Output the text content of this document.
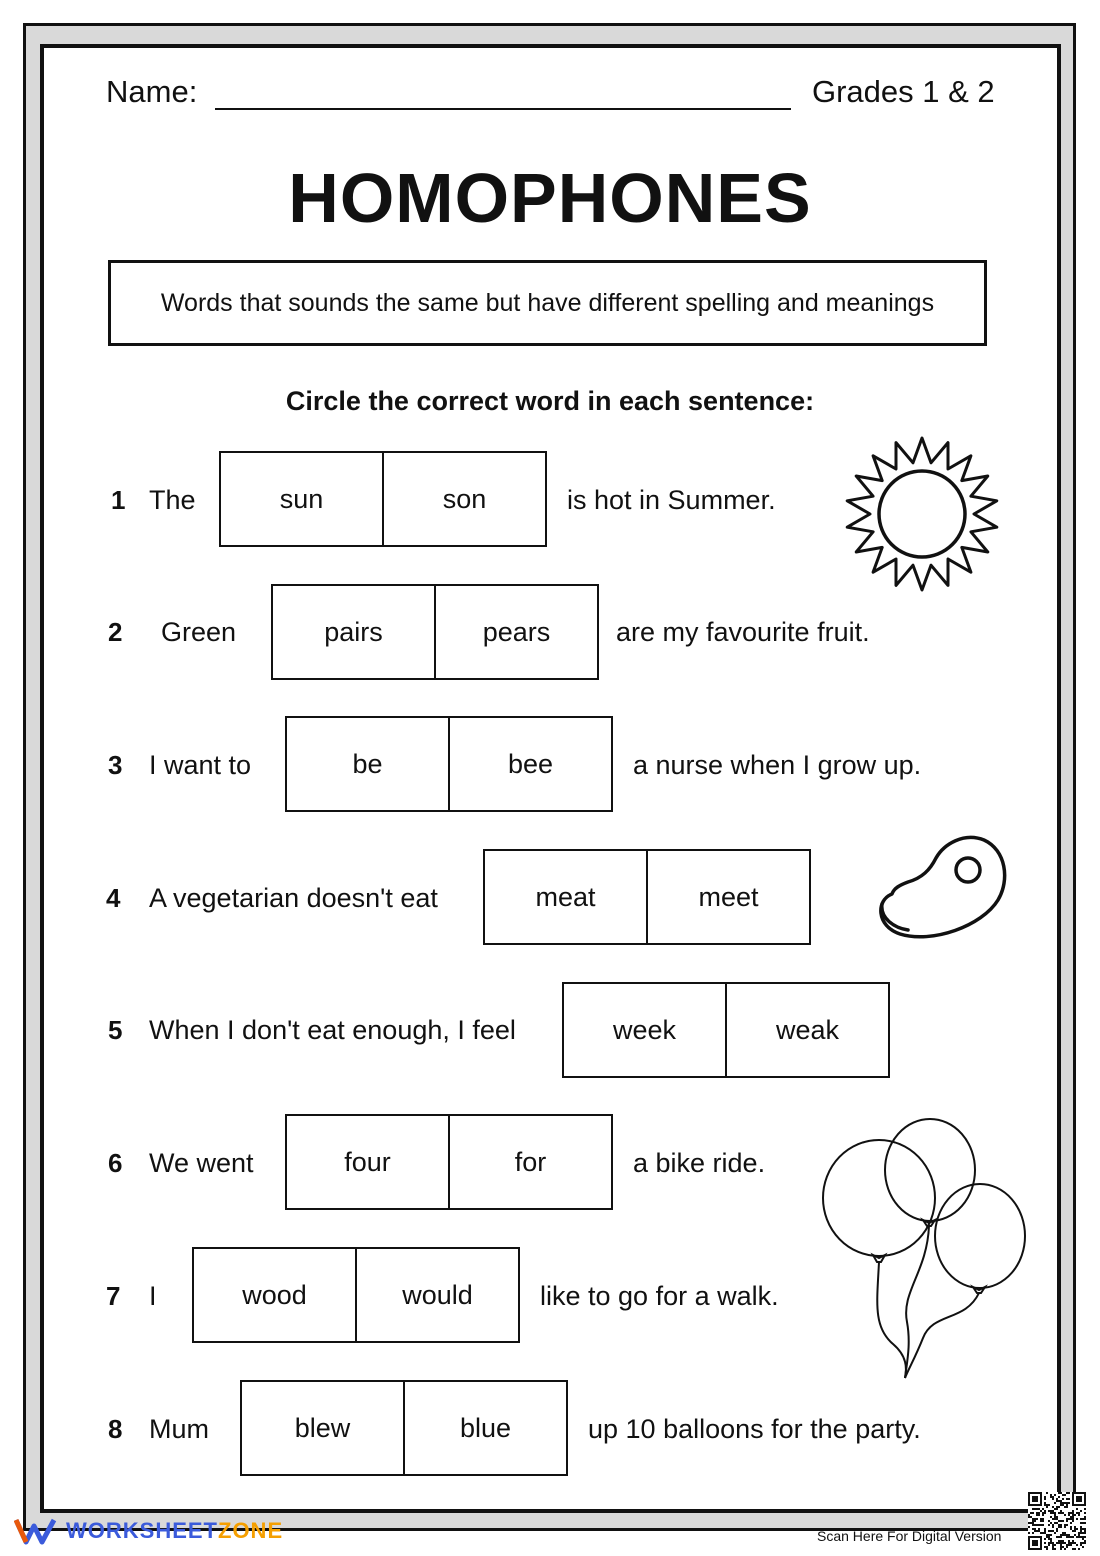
Name:	Grades 1 & 2
HOMOPHONES
Words that sounds the same but have different spelling and meanings
Circle the correct word in each sentence:
1 The	sun	son	is hot in Summer.
2 Green	pairs	pears	are my favourite fruit.
3 I want to	be	bee	a nurse when I grow up.
4 A vegetarian doesn't eat	meat	meet
5 When I don't eat enough, I feel	week	weak
6 We went	four	for	a bike ride.
7 I	wood	would	like to go for a walk.
8 Mum	blew	blue	up 10 balloons for the party.
WORKSHEETZONE	Scan Here For Digital Version
